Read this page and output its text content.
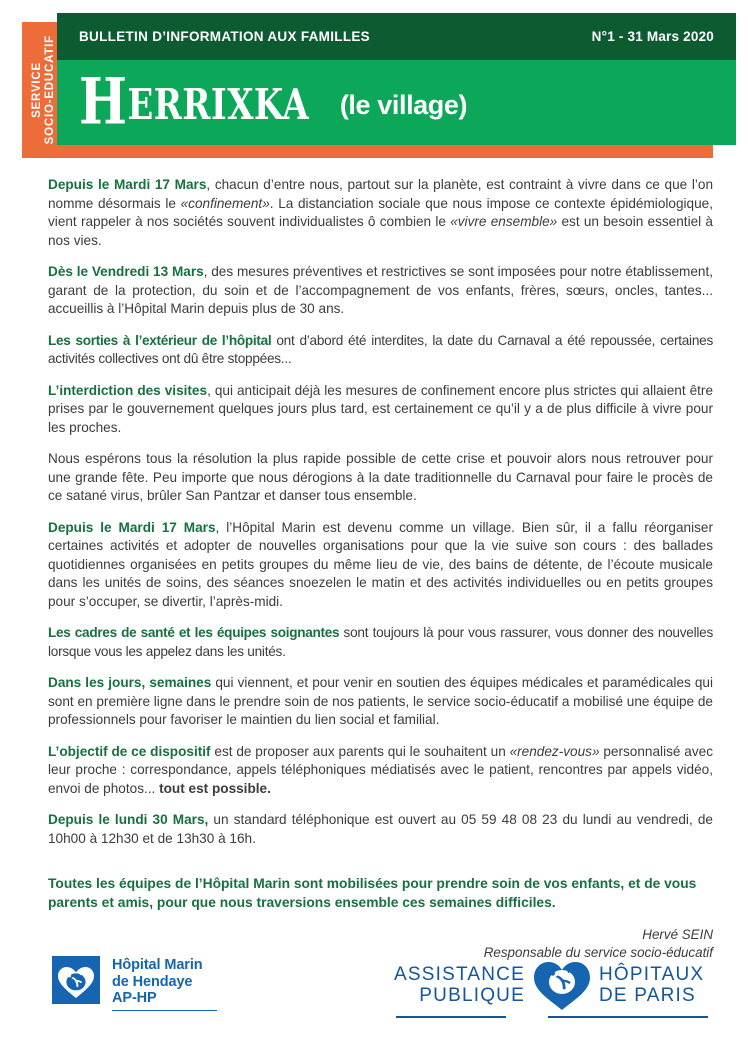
SERVICE SOCIO-EDUCATIF BULLETIN D’INFORMATION AUX FAMILLES	N°1 - 31 Mars 2020
HERRIXKA (le village)

Depuis le Mardi 17 Mars, chacun d’entre nous, partout sur la planète, est contraint à vivre dans ce que l’on nomme désormais le «confinement». La distanciation sociale que nous impose ce contexte épidémiologique, vient rappeler à nos sociétés souvent individualistes ô combien le «vivre ensemble» est un besoin essentiel à nos vies.

Dès le Vendredi 13 Mars, des mesures préventives et restrictives se sont imposées pour notre établissement, garant de la protection, du soin et de l’accompagnement de vos enfants, frères, sœurs, oncles, tantes... accueillis à l’Hôpital Marin depuis plus de 30 ans.

Les sorties à l’extérieur de l’hôpital ont d’abord été interdites, la date du Carnaval a été repoussée, certaines activités collectives ont dû être stoppées...

L’interdiction des visites, qui anticipait déjà les mesures de confinement encore plus strictes qui allaient être prises par le gouvernement quelques jours plus tard, est certainement ce qu’il y a de plus difficile à vivre pour les proches.

Nous espérons tous la résolution la plus rapide possible de cette crise et pouvoir alors nous retrouver pour une grande fête. Peu importe que nous dérogions à la date traditionnelle du Carnaval pour faire le procès de ce satané virus, brûler San Pantzar et danser tous ensemble.

Depuis le Mardi 17 Mars, l’Hôpital Marin est devenu comme un village. Bien sûr, il a fallu réorganiser certaines activités et adopter de nouvelles organisations pour que la vie suive son cours : des ballades quotidiennes organisées en petits groupes du même lieu de vie, des bains de détente, de l’écoute musicale dans les unités de soins, des séances snoezelen le matin et des activités individuelles ou en petits groupes pour s’occuper, se divertir, l’après-midi.

Les cadres de santé et les équipes soignantes sont toujours là pour vous rassurer, vous donner des nouvelles lorsque vous les appelez dans les unités.

Dans les jours, semaines qui viennent, et pour venir en soutien des équipes médicales et paramédicales qui sont en première ligne dans le prendre soin de nos patients, le service socio-éducatif a mobilisé une équipe de professionnels pour favoriser le maintien du lien social et familial.

L’objectif de ce dispositif est de proposer aux parents qui le souhaitent un «rendez-vous» personnalisé avec leur proche : correspondance, appels téléphoniques médiatisés avec le patient, rencontres par appels vidéo, envoi de photos... tout est possible.

Depuis le lundi 30 Mars, un standard téléphonique est ouvert au 05 59 48 08 23 du lundi au vendredi, de 10h00 à 12h30 et de 13h30 à 16h.

Toutes les équipes de l’Hôpital Marin sont mobilisées pour prendre soin de vos enfants, et de vous parents et amis, pour que nous traversions ensemble ces semaines difficiles.

Hervé SEIN
Responsable du service socio-éducatif
Hôpital Marin
de Hendaye
AP-HP
ASSISTANCE
PUBLIQUE
HÔPITAUX
DE PARIS
